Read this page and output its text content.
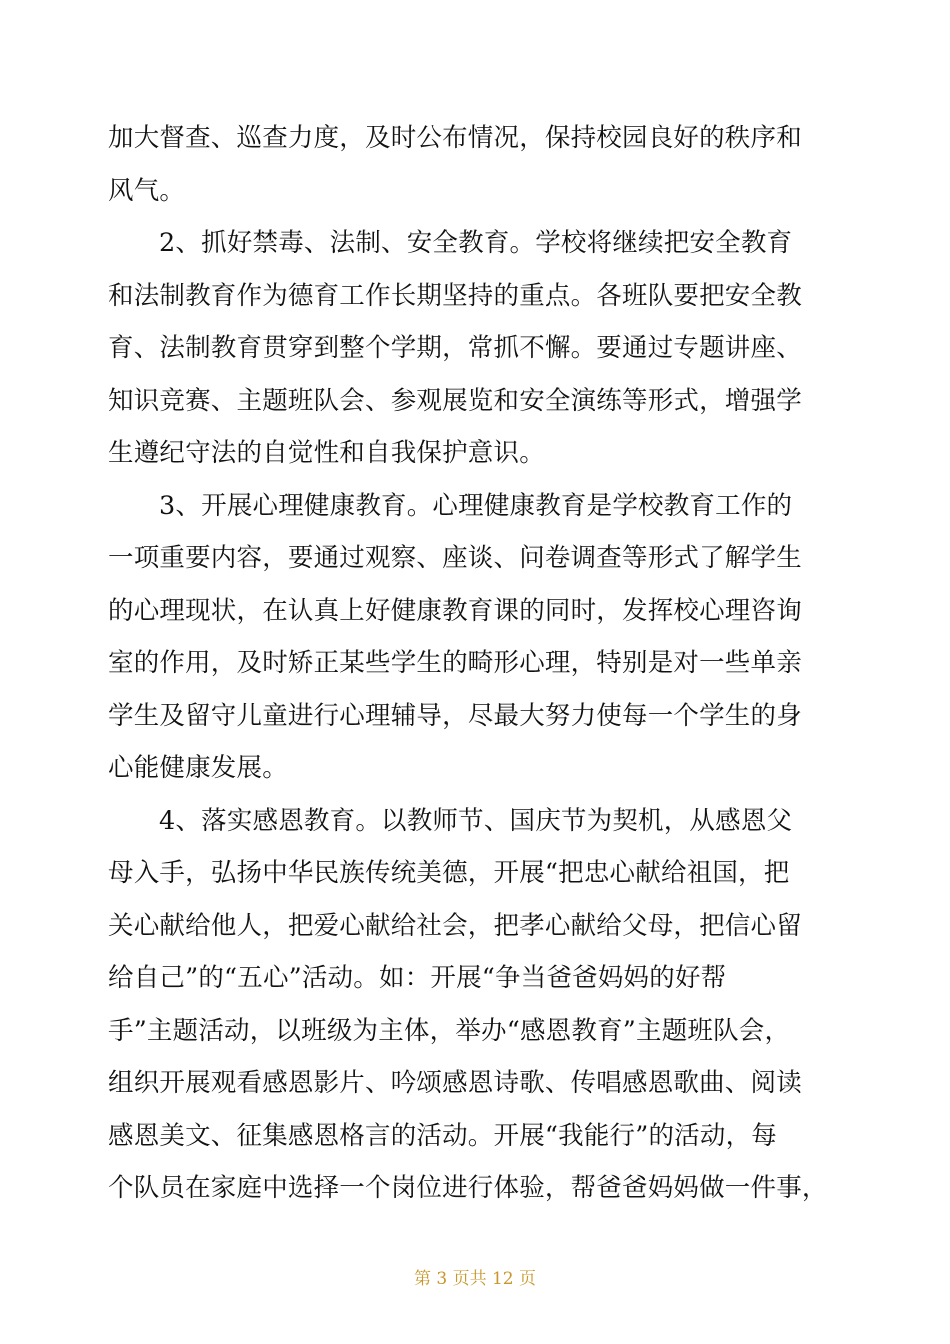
加大督查、巡查力度，及时公布情况，保持校园良好的秩序和
风气。
2、抓好禁毒、法制、安全教育。学校将继续把安全教育
和法制教育作为德育工作长期坚持的重点。各班队要把安全教
育、法制教育贯穿到整个学期，常抓不懈。要通过专题讲座、
知识竞赛、主题班队会、参观展览和安全演练等形式，增强学
生遵纪守法的自觉性和自我保护意识。
3、开展心理健康教育。心理健康教育是学校教育工作的
一项重要内容，要通过观察、座谈、问卷调查等形式了解学生
的心理现状，在认真上好健康教育课的同时，发挥校心理咨询
室的作用，及时矫正某些学生的畸形心理，特别是对一些单亲
学生及留守儿童进行心理辅导，尽最大努力使每一个学生的身
心能健康发展。
4、落实感恩教育。以教师节、国庆节为契机，从感恩父
母入手，弘扬中华民族传统美德，开展“把忠心献给祖国，把
关心献给他人，把爱心献给社会，把孝心献给父母，把信心留
给自己”的“五心”活动。如：开展“争当爸爸妈妈的好帮
手”主题活动，以班级为主体，举办“感恩教育”主题班队会，
组织开展观看感恩影片、吟颂感恩诗歌、传唱感恩歌曲、阅读
感恩美文、征集感恩格言的活动。开展“我能行”的活动，每
个队员在家庭中选择一个岗位进行体验，帮爸爸妈妈做一件事，
第 3 页共 12 页
